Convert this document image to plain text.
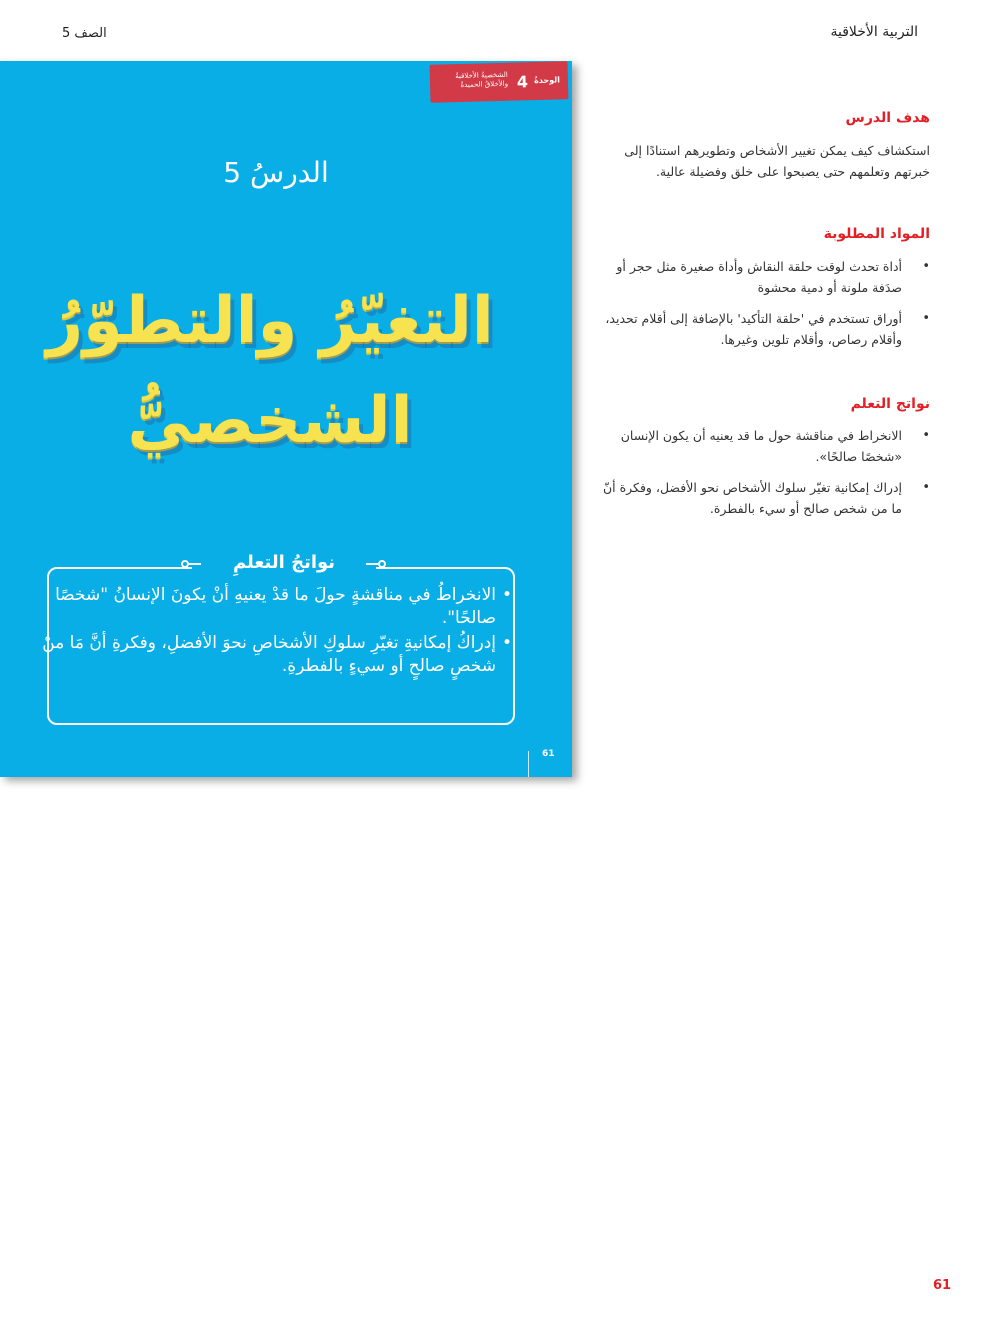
التربية الأخلاقية
الصف 5
الوحدةُ
4
الشخصيةُ الأخلاقيةُ والأخلاقُ الحميدةُ
الدرسُ 5
التغيّرُ والتطوّرُ الشخصيُّ
نواتجُ التعلمِ
• الانخراطُ في مناقشةٍ حولَ ما قدْ يعنيهِ أنْ يكونَ الإنسانُ "شخصًا صالحًا".
• إدراكُ إمكانيةِ تغيّرِ سلوكِ الأشخاصِ نحوَ الأفضلِ، وفكرةِ أنَّ مَا منْ شخصٍ صالحٍ أو سيءٍ بالفطرةِ.
61
هدف الدرس
استكشاف كيف يمكن تغيير الأشخاص وتطويرهم استنادًا إلى خبرتهم وتعلمهم حتى يصبحوا على خلق وفضيلة عالية.
المواد المطلوبة
• أداة تحدث لوقت حلقة النقاش وأداة صغيرة مثل حجر أو صدَفة ملونة أو دمية محشوة
• أوراق تستخدم في 'حلقة التأكيد' بالإضافة إلى أقلام تحديد، وأقلام رصاص، وأقلام تلوين وغيرها.
نواتج التعلم
• الانخراط في مناقشة حول ما قد يعنيه أن يكون الإنسان «شخصًا صالحًا».
• إدراك إمكانية تغيّر سلوك الأشخاص نحو الأفضل، وفكرة أنّ ما من شخص صالح أو سيء بالفطرة.
61
